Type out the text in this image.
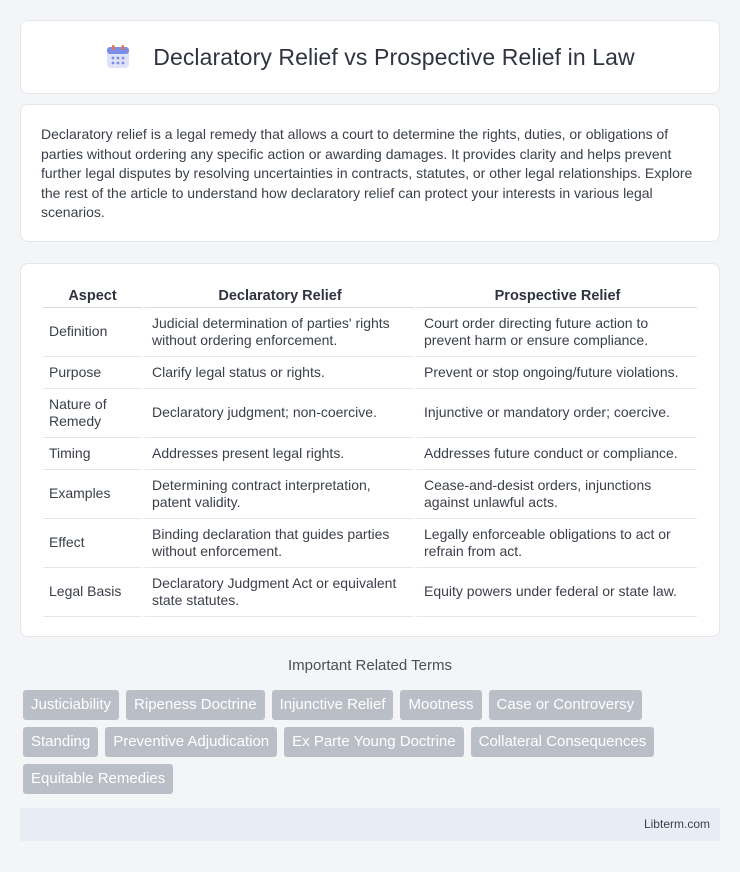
Declaratory Relief vs Prospective Relief in Law

Declaratory relief is a legal remedy that allows a court to determine the rights, duties, or obligations of parties without ordering any specific action or awarding damages. It provides clarity and helps prevent further legal disputes by resolving uncertainties in contracts, statutes, or other legal relationships. Explore the rest of the article to understand how declaratory relief can protect your interests in various legal scenarios.

Aspect	Declaratory Relief	Prospective Relief
Definition	Judicial determination of parties' rights without ordering enforcement.	Court order directing future action to prevent harm or ensure compliance.
Purpose	Clarify legal status or rights.	Prevent or stop ongoing/future violations.
Nature of Remedy	Declaratory judgment; non-coercive.	Injunctive or mandatory order; coercive.
Timing	Addresses present legal rights.	Addresses future conduct or compliance.
Examples	Determining contract interpretation, patent validity.	Cease-and-desist orders, injunctions against unlawful acts.
Effect	Binding declaration that guides parties without enforcement.	Legally enforceable obligations to act or refrain from act.
Legal Basis	Declaratory Judgment Act or equivalent state statutes.	Equity powers under federal or state law.
Important Related Terms
Justiciability	Ripeness Doctrine	Injunctive Relief	Mootness	Case or Controversy
Standing	Preventive Adjudication	Ex Parte Young Doctrine	Collateral Consequences
Equitable Remedies
Libterm.com
